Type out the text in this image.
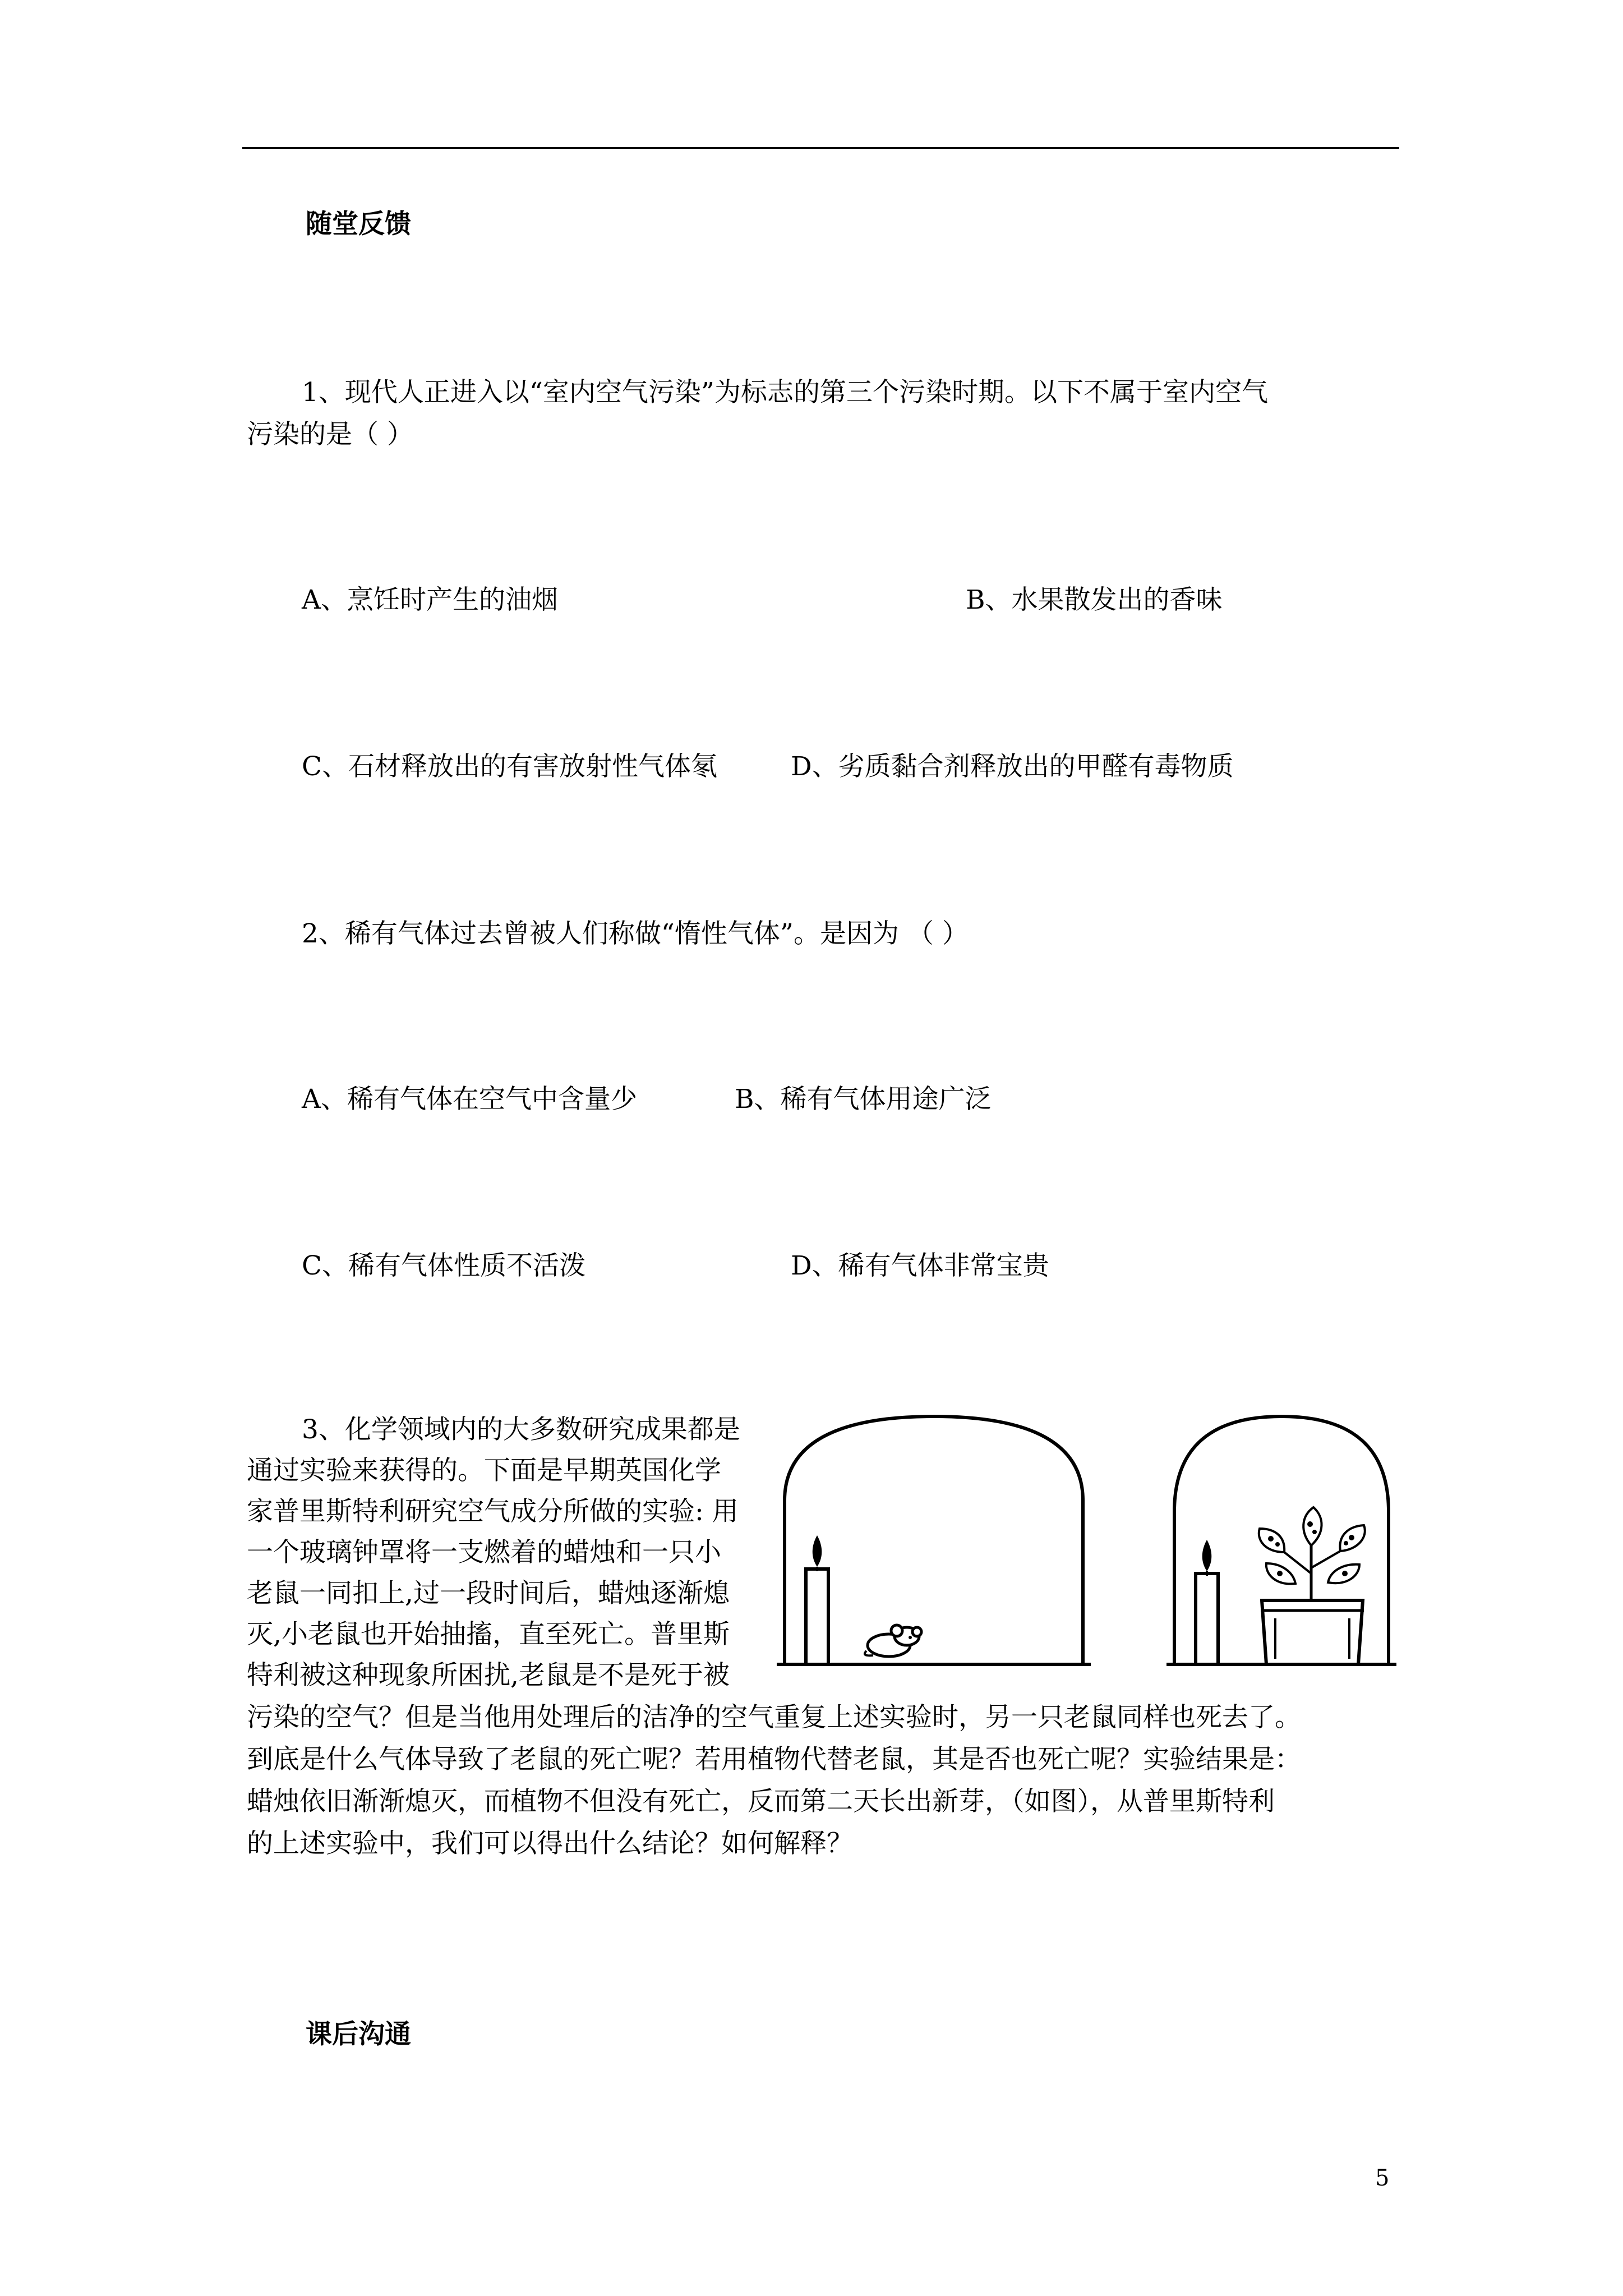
随堂反馈
1、现代人正进入以“室内空气污染”为标志的第三个污染时期。以下不属于室内空气
污染的是（ ）
A、烹饪时产生的油烟	B、水果散发出的香味
C、石材释放出的有害放射性气体氡	D、劣质黏合剂释放出的甲醛有毒物质
2、稀有气体过去曾被人们称做“惰性气体”。是因为 （ ）
A、稀有气体在空气中含量少	B、稀有气体用途广泛
C、稀有气体性质不活泼	D、稀有气体非常宝贵
3、化学领域内的大多数研究成果都是
通过实验来获得的。下面是早期英国化学
家普里斯特利研究空气成分所做的实验: 用
一个玻璃钟罩将一支燃着的蜡烛和一只小
老鼠一同扣上,过一段时间后，蜡烛逐渐熄
灭,小老鼠也开始抽搐，直至死亡。普里斯
特利被这种现象所困扰,老鼠是不是死于被
污染的空气？但是当他用处理后的洁净的空气重复上述实验时，另一只老鼠同样也死去了。
到底是什么气体导致了老鼠的死亡呢？若用植物代替老鼠，其是否也死亡呢？实验结果是：
蜡烛依旧渐渐熄灭，而植物不但没有死亡，反而第二天长出新芽，（如图），从普里斯特利
的上述实验中，我们可以得出什么结论？如何解释？
课后沟通
5
